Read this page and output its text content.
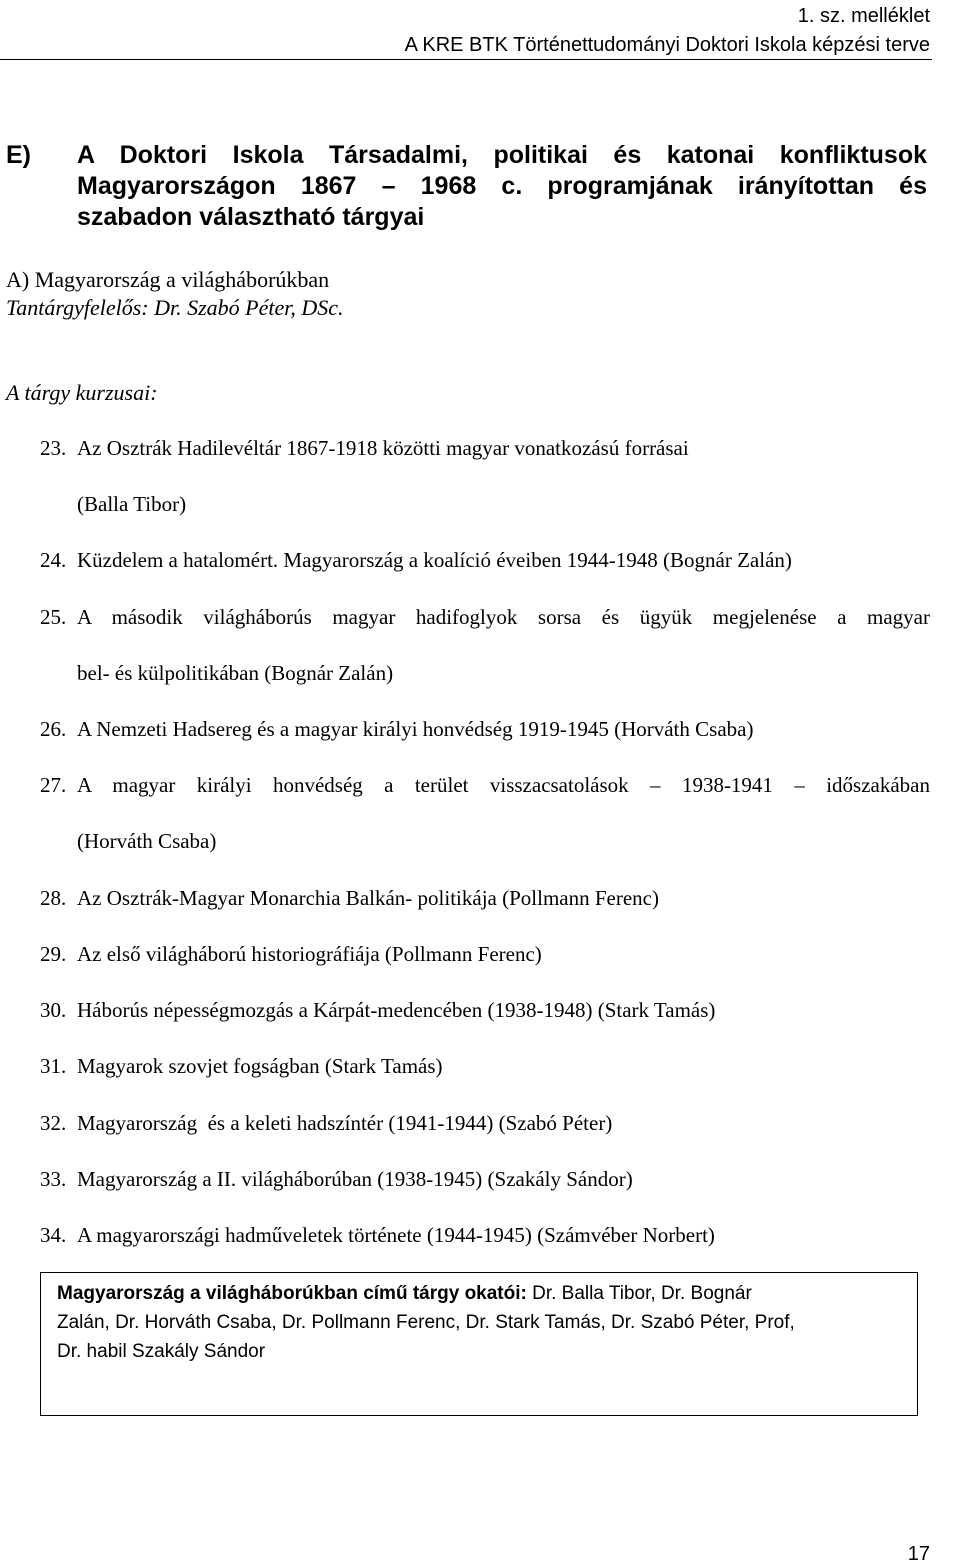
1. sz. melléklet
A KRE BTK Történettudományi Doktori Iskola képzési terve
E) A Doktori Iskola Társadalmi, politikai és katonai konfliktusok
Magyarországon 1867 – 1968 c. programjának irányítottan és
szabadon választható tárgyai
A) Magyarország a világháborúkban
Tantárgyfelelős: Dr. Szabó Péter, DSc.
A tárgy kurzusai:
23. Az Osztrák Hadilevéltár 1867-1918 közötti magyar vonatkozású forrásai
(Balla Tibor)
24. Küzdelem a hatalomért. Magyarország a koalíció éveiben 1944-1948 (Bognár Zalán)
25. A második világháborús magyar hadifoglyok sorsa és ügyük megjelenése a magyar
bel- és külpolitikában (Bognár Zalán)
26. A Nemzeti Hadsereg és a magyar királyi honvédség 1919-1945 (Horváth Csaba)
27. A magyar királyi honvédség a terület visszacsatolások – 1938-1941 – időszakában
(Horváth Csaba)
28. Az Osztrák-Magyar Monarchia Balkán- politikája (Pollmann Ferenc)
29. Az első világháború historiográfiája (Pollmann Ferenc)
30. Háborús népességmozgás a Kárpát-medencében (1938-1948) (Stark Tamás)
31. Magyarok szovjet fogságban (Stark Tamás)
32. Magyarország  és a keleti hadszíntér (1941-1944) (Szabó Péter)
33. Magyarország a II. világháborúban (1938-1945) (Szakály Sándor)
34. A magyarországi hadműveletek története (1944-1945) (Számvéber Norbert)
Magyarország a világháborúkban című tárgy okatói: Dr. Balla Tibor, Dr. Bognár
Zalán, Dr. Horváth Csaba, Dr. Pollmann Ferenc, Dr. Stark Tamás, Dr. Szabó Péter, Prof,
Dr. habil Szakály Sándor
17
